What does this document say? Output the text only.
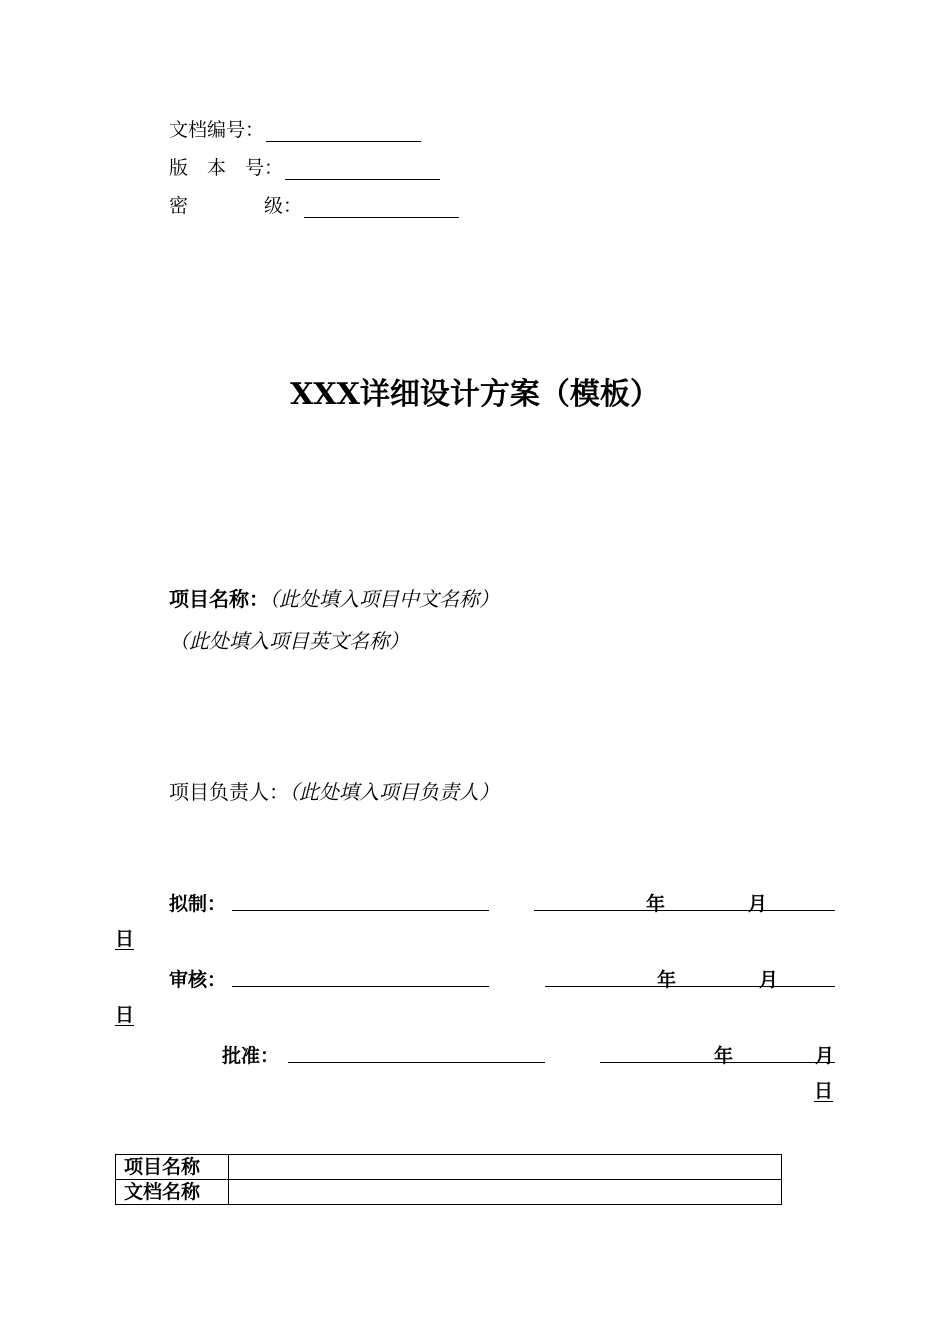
文档编号：
版　本　号：
密　　　　级：
XXX详细设计方案（模板）
项目名称：（此处填入项目中文名称）
（此处填入项目英文名称）
项目负责人：（此处填入项目负责人）
拟制：	年	月
日
审核：	年	月
日
批准：	年	月
日
项目名称	
文档名称	
